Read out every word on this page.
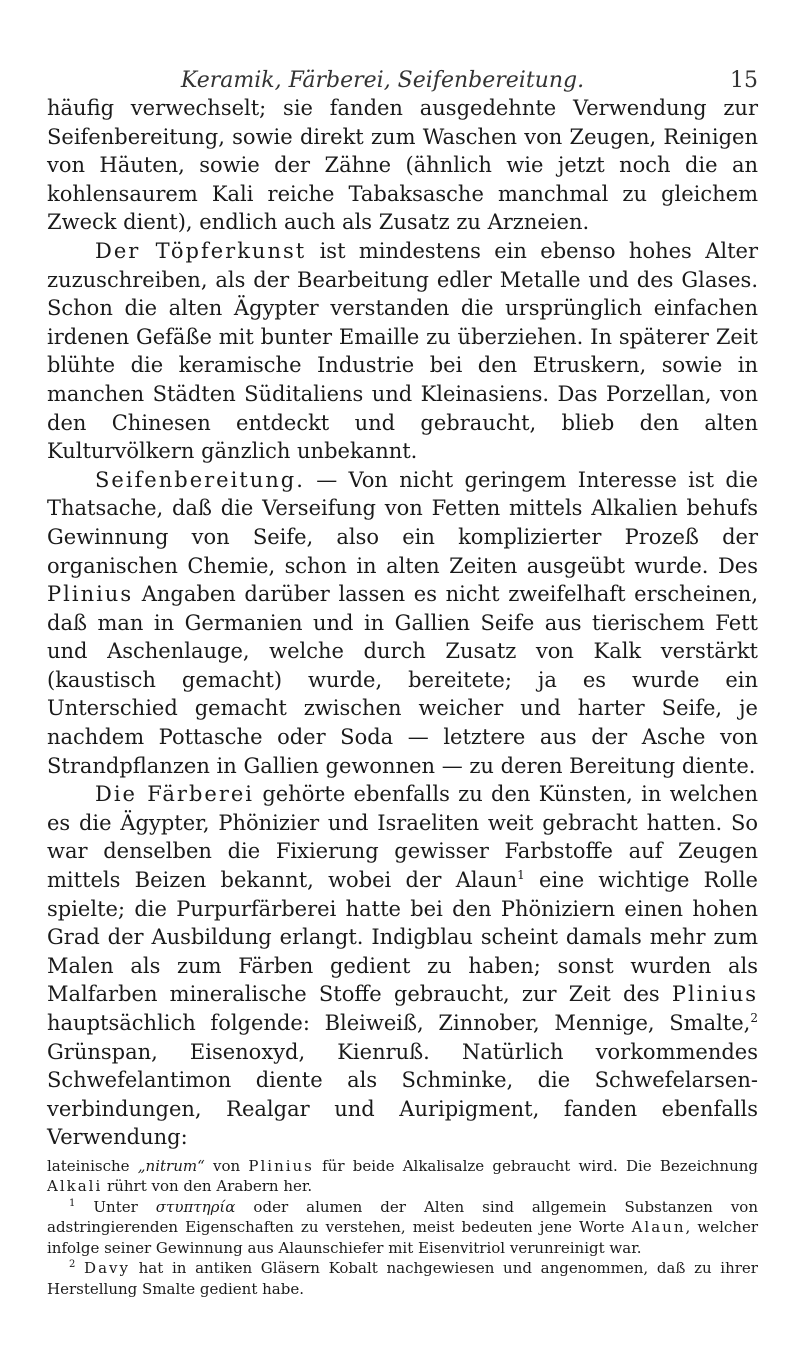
Keramik, Färberei, Seifenbereitung.	15

häufig verwechselt; sie fanden ausgedehnte Verwendung zur Seifenbereitung, sowie direkt zum Waschen von Zeugen, Reinigen von Häuten, sowie der Zähne (ähnlich wie jetzt noch die an kohlensaurem Kali reiche Tabaksasche manchmal zu gleichem Zweck dient), endlich auch als Zusatz zu Arzneien.

Der Töpferkunst ist mindestens ein ebenso hohes Alter zuzuschreiben, als der Bearbeitung edler Metalle und des Glases. Schon die alten Ägypter verstanden die ursprünglich einfachen irdenen Gefäße mit bunter Emaille zu überziehen. In späterer Zeit blühte die keramische Industrie bei den Etruskern, sowie in manchen Städten Süditaliens und Kleinasiens. Das Porzellan, von den Chinesen entdeckt und gebraucht, blieb den alten Kulturvölkern gänzlich unbekannt.

Seifenbereitung. — Von nicht geringem Interesse ist die Thatsache, daß die Verseifung von Fetten mittels Alkalien behufs Gewinnung von Seife, also ein komplizierter Prozeß der organischen Chemie, schon in alten Zeiten ausgeübt wurde. Des Plinius Angaben darüber lassen es nicht zweifelhaft erscheinen, daß man in Germanien und in Gallien Seife aus tierischem Fett und Aschenlauge, welche durch Zusatz von Kalk verstärkt (kaustisch gemacht) wurde, bereitete; ja es wurde ein Unterschied gemacht zwischen weicher und harter Seife, je nachdem Pottasche oder Soda — letztere aus der Asche von Strandpflanzen in Gallien gewonnen — zu deren Bereitung diente.

Die Färberei gehörte ebenfalls zu den Künsten, in welchen es die Ägypter, Phönizier und Israeliten weit gebracht hatten. So war denselben die Fixierung gewisser Farbstoffe auf Zeugen mittels Beizen bekannt, wobei der Alaun$^1$ eine wichtige Rolle spielte; die Purpurfärberei hatte bei den Phöniziern einen hohen Grad der Ausbildung erlangt. Indigblau scheint damals mehr zum Malen als zum Färben gedient zu haben; sonst wurden als Malfarben mineralische Stoffe gebraucht, zur Zeit des Plinius hauptsächlich folgende: Bleiweiß, Zinnober, Mennige, Smalte,$^2$ Grünspan, Eisenoxyd, Kienruß. Natürlich vorkommendes Schwefelantimon diente als Schminke, die Schwefelarsenverbindungen, Realgar und Auripigment, fanden ebenfalls Verwendung:

lateinische „nitrum“ von Plinius für beide Alkalisalze gebraucht wird. Die Bezeichnung Alkali rührt von den Arabern her.

$^1$ Unter στυπτηρία oder alumen der Alten sind allgemein Substanzen von adstringierenden Eigenschaften zu verstehen, meist bedeuten jene Worte Alaun, welcher infolge seiner Gewinnung aus Alaunschiefer mit Eisenvitriol verunreinigt war.

$^2$ Davy hat in antiken Gläsern Kobalt nachgewiesen und angenommen, daß zu ihrer Herstellung Smalte gedient habe.
